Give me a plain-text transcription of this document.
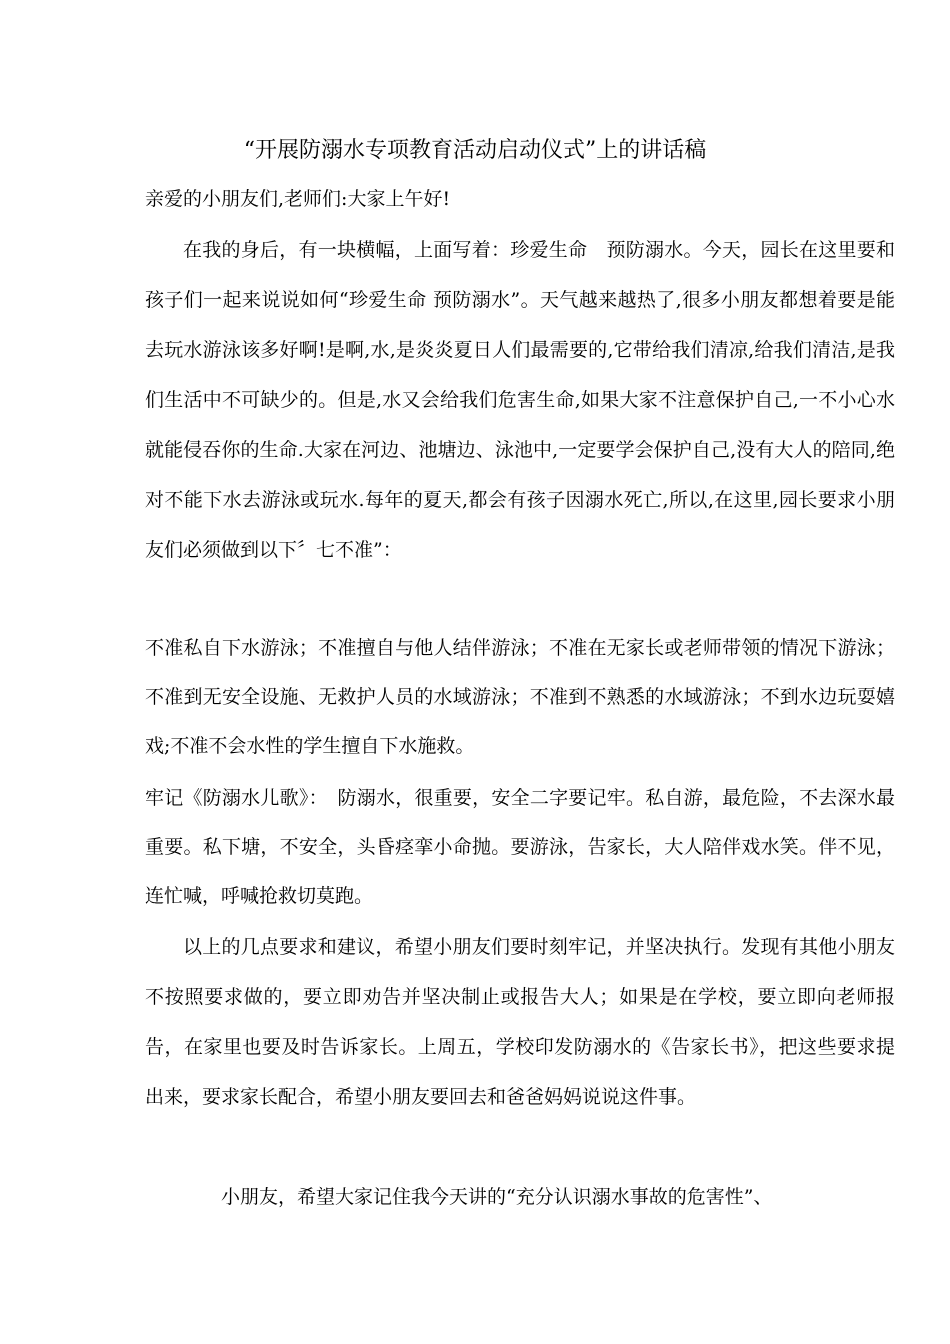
“开展防溺水专项教育活动启动仪式”上的讲话稿
亲爱的小朋友们,老师们:大家上午好!

在我的身后，有一块横幅，上面写着：珍爱生命　预防溺水。今天，园长在这里要和孩子们一起来说说如何“珍爱生命 预防溺水”。天气越来越热了,很多小朋友都想着要是能去玩水游泳该多好啊!是啊,水,是炎炎夏日人们最需要的,它带给我们清凉,给我们清洁,是我们生活中不可缺少的。但是,水又会给我们危害生命,如果大家不注意保护自己,一不小心水就能侵吞你的生命.大家在河边、池塘边、泳池中,一定要学会保护自己,没有大人的陪同,绝对不能下水去游泳或玩水.每年的夏天,都会有孩子因溺水死亡,所以,在这里,园长要求小朋友们必须做到以下〞七不准”：

不准私自下水游泳；不准擅自与他人结伴游泳；不准在无家长或老师带领的情况下游泳；不准到无安全设施、无救护人员的水域游泳；不准到不熟悉的水域游泳；不到水边玩耍嬉戏;不准不会水性的学生擅自下水施救。

牢记《防溺水儿歌》：　防溺水，很重要，安全二字要记牢。私自游，最危险，不去深水最重要。私下塘，不安全，头昏痉挛小命抛。要游泳，告家长，大人陪伴戏水笑。伴不见，连忙喊，呼喊抢救切莫跑。

以上的几点要求和建议，希望小朋友们要时刻牢记，并坚决执行。发现有其他小朋友不按照要求做的，要立即劝告并坚决制止或报告大人；如果是在学校，要立即向老师报告，在家里也要及时告诉家长。上周五，学校印发防溺水的《告家长书》，把这些要求提出来，要求家长配合，希望小朋友要回去和爸爸妈妈说说这件事。

小朋友，希望大家记住我今天讲的“充分认识溺水事故的危害性”、
